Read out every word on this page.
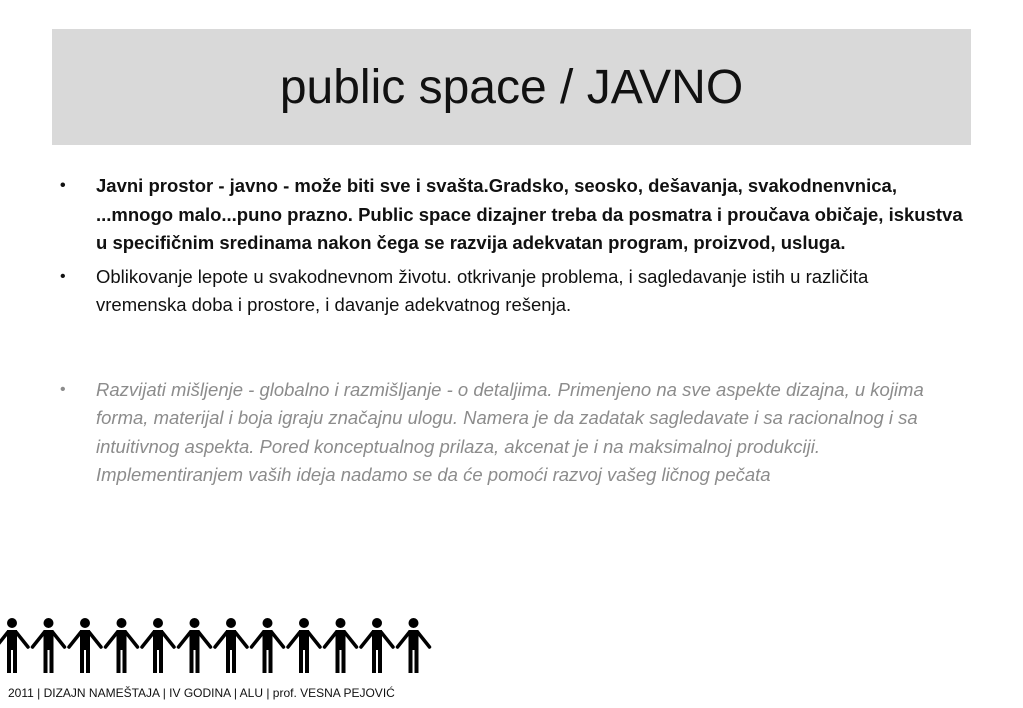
public space / JAVNO
• Javni prostor - javno - može biti sve i svašta.Gradsko, seosko, dešavanja, svakodnenvnica, ...mnogo malo...puno prazno. Public space dizajner treba da posmatra i proučava običaje, iskustva u specifičnim sredinama nakon čega se razvija adekvatan program, proizvod, usluga.
• Oblikovanje lepote u svakodnevnom životu. otkrivanje problema, i sagledavanje istih u različita vremenska doba i prostore, i davanje adekvatnog rešenja.
• Razvijati mišljenje - globalno i razmišljanje - o detaljima. Primenjeno na sve aspekte dizajna, u kojima forma, materijal i boja igraju značajnu ulogu. Namera je da zadatak sagledavate i sa racionalnog i sa intuitivnog aspekta. Pored konceptualnog prilaza, akcenat je i na maksimalnoj produkciji. Implementiranjem vaših ideja nadamo se da će pomoći razvoj vašeg ličnog pečata
2011 | DIZAJN NAMEŠTAJA | IV GODINA | ALU | prof. VESNA PEJOVIĆ
